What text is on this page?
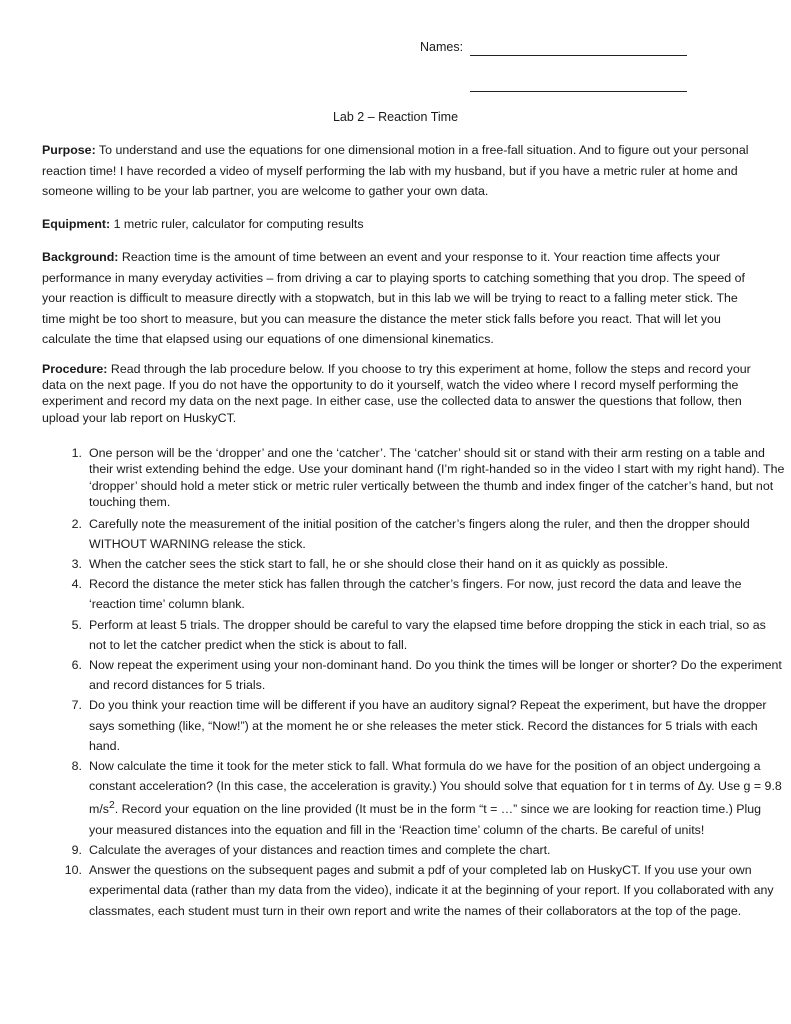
Names:
Lab 2 – Reaction Time
Purpose: To understand and use the equations for one dimensional motion in a free-fall situation. And to figure out your personal reaction time! I have recorded a video of myself performing the lab with my husband, but if you have a metric ruler at home and someone willing to be your lab partner, you are welcome to gather your own data.
Equipment: 1 metric ruler, calculator for computing results
Background: Reaction time is the amount of time between an event and your response to it. Your reaction time affects your performance in many everyday activities – from driving a car to playing sports to catching something that you drop. The speed of your reaction is difficult to measure directly with a stopwatch, but in this lab we will be trying to react to a falling meter stick. The time might be too short to measure, but you can measure the distance the meter stick falls before you react. That will let you calculate the time that elapsed using our equations of one dimensional kinematics.
Procedure: Read through the lab procedure below. If you choose to try this experiment at home, follow the steps and record your data on the next page. If you do not have the opportunity to do it yourself, watch the video where I record myself performing the experiment and record my data on the next page. In either case, use the collected data to answer the questions that follow, then upload your lab report on HuskyCT.
1. One person will be the ‘dropper’ and one the ‘catcher’. The ‘catcher’ should sit or stand with their arm resting on a table and their wrist extending behind the edge. Use your dominant hand (I’m right-handed so in the video I start with my right hand). The ‘dropper’ should hold a meter stick or metric ruler vertically between the thumb and index finger of the catcher’s hand, but not touching them.
2. Carefully note the measurement of the initial position of the catcher’s fingers along the ruler, and then the dropper should WITHOUT WARNING release the stick.
3. When the catcher sees the stick start to fall, he or she should close their hand on it as quickly as possible.
4. Record the distance the meter stick has fallen through the catcher’s fingers. For now, just record the data and leave the ‘reaction time’ column blank.
5. Perform at least 5 trials. The dropper should be careful to vary the elapsed time before dropping the stick in each trial, so as not to let the catcher predict when the stick is about to fall.
6. Now repeat the experiment using your non-dominant hand. Do you think the times will be longer or shorter? Do the experiment and record distances for 5 trials.
7. Do you think your reaction time will be different if you have an auditory signal? Repeat the experiment, but have the dropper says something (like, “Now!”) at the moment he or she releases the meter stick. Record the distances for 5 trials with each hand.
8. Now calculate the time it took for the meter stick to fall. What formula do we have for the position of an object undergoing a constant acceleration? (In this case, the acceleration is gravity.) You should solve that equation for t in terms of Δy. Use g = 9.8 $m/s^2$. Record your equation on the line provided (It must be in the form “t = …” since we are looking for reaction time.) Plug your measured distances into the equation and fill in the ‘Reaction time’ column of the charts. Be careful of units!
9. Calculate the averages of your distances and reaction times and complete the chart.
10. Answer the questions on the subsequent pages and submit a pdf of your completed lab on HuskyCT. If you use your own experimental data (rather than my data from the video), indicate it at the beginning of your report. If you collaborated with any classmates, each student must turn in their own report and write the names of their collaborators at the top of the page.
